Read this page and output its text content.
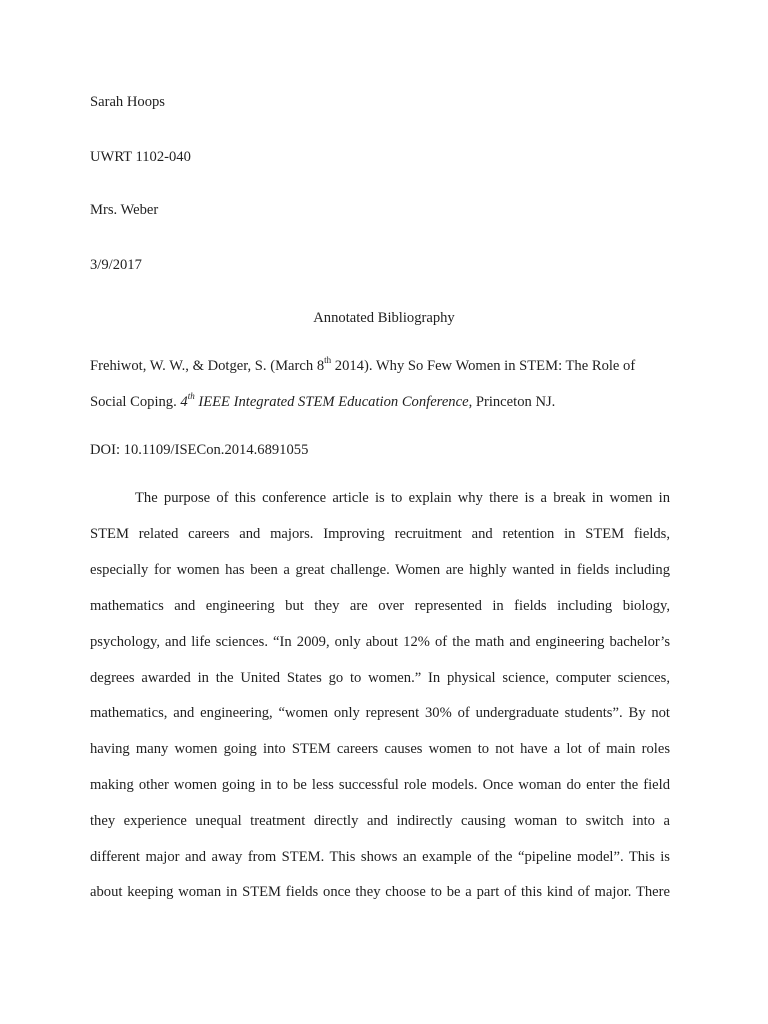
Sarah Hoops

UWRT 1102-040

Mrs. Weber

3/9/2017

Annotated Bibliography

Frehiwot, W. W., & Dotger, S. (March 8th 2014). Why So Few Women in STEM: The Role of

Social Coping. 4th IEEE Integrated STEM Education Conference, Princeton NJ.

DOI: 10.1109/ISECon.2014.6891055

The purpose of this conference article is to explain why there is a break in women in

STEM related careers and majors. Improving recruitment and retention in STEM fields,

especially for women has been a great challenge. Women are highly wanted in fields including

mathematics and engineering but they are over represented in fields including biology,

psychology, and life sciences. “In 2009, only about 12% of the math and engineering bachelor’s

degrees awarded in the United States go to women.” In physical science, computer sciences,

mathematics, and engineering, “women only represent 30% of undergraduate students”. By not

having many women going into STEM careers causes women to not have a lot of main roles

making other women going in to be less successful role models. Once woman do enter the field

they experience unequal treatment directly and indirectly causing woman to switch into a

different major and away from STEM. This shows an example of the “pipeline model”. This is

about keeping woman in STEM fields once they choose to be a part of this kind of major. There
